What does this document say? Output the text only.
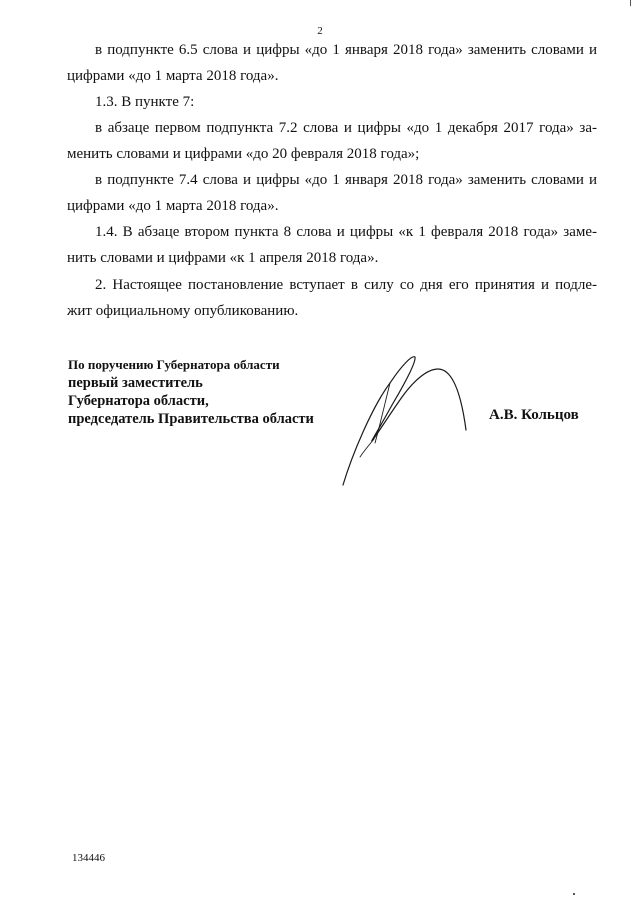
2
в подпункте 6.5 слова и цифры «до 1 января 2018 года» заменить словами и
цифрами «до 1 марта 2018 года».
1.3. В пункте 7:
в абзаце первом подпункта 7.2 слова и цифры «до 1 декабря 2017 года» за-
менить словами и цифрами «до 20 февраля 2018 года»;
в подпункте 7.4 слова и цифры «до 1 января 2018 года» заменить словами и
цифрами «до 1 марта 2018 года».
1.4. В абзаце втором пункта 8 слова и цифры «к 1 февраля 2018 года» заме-
нить словами и цифрами «к 1 апреля 2018 года».
2. Настоящее постановление вступает в силу со дня его принятия и подле-
жит официальному опубликованию.
По поручению Губернатора области
первый заместитель
Губернатора области,
председатель Правительства области	А.В. Кольцов
134446
